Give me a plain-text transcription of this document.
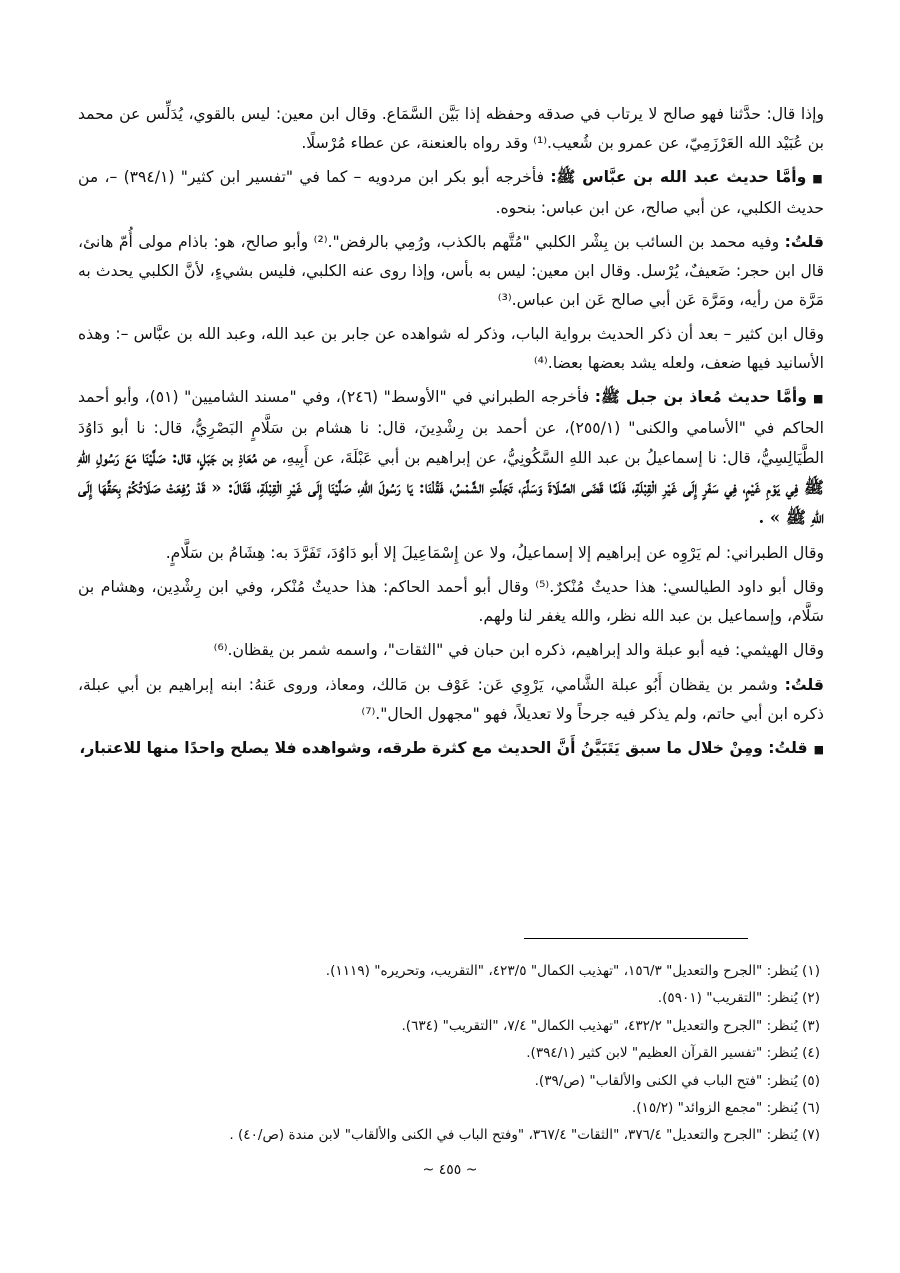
وإذا قال: حدَّثنا فهو صالح لا يرتاب في صدقه وحفظه إذا بَيَّن السَّمَاع. وقال ابن معين: ليس بالقوي، يُدَلِّس عن محمد بن عُبَيْد الله العَرْزَمِيّ، عن عمرو بن شُعيب.⁽¹⁾ وقد رواه بالعنعنة، عن عطاء مُرْسلًا.

■وأمَّا حديث عبد الله بن عبَّاس ﷺ: فأخرجه أبو بكر ابن مردويه – كما في "تفسير ابن كثير" (٣٩٤/١) –، من حديث الكلبي، عن أبي صالح، عن ابن عباس: بنحوه.

قلتُ: وفيه محمد بن السائب بن بِشْر الكلبي "مُتَّهم بالكذب، ورُمِي بالرفض".⁽²⁾ وأبو صالح، هو: باذام مولى أُمّ هانئ، قال ابن حجر: ضَعيفٌ، يُرْسل. وقال ابن معين: ليس به بأس، وإذا روى عنه الكلبي، فليس بشيءٍ، لأنَّ الكلبي يحدث به مَرَّة من رأيه، ومَرَّة عَن أبي صالح عَن ابن عباس.⁽³⁾

وقال ابن كثير – بعد أن ذكر الحديث برواية الباب، وذكر له شواهده عن جابر بن عبد الله، وعبد الله بن عبَّاس –: وهذه الأسانيد فيها ضعف، ولعله يشد بعضها بعضا.⁽⁴⁾

■وأمَّا حديث مُعاذ بن جبل ﷺ: فأخرجه الطبراني في "الأوسط" (٢٤٦)، وفي "مسند الشاميين" (٥١)، وأبو أحمد الحاكم في "الأسامي والكنى" (٢٥٥/١)، عن أحمد بن رِشْدِينَ، قال: نا هشام بن سَلَّامٍ البَصْرِيُّ، قال: نا أبو دَاوُدَ الطَّيَالِسِيُّ، قال: نا إسماعيلُ بن عبد اللهِ السَّكُونِيُّ، عن إبراهيم بن أبي عَبْلَةَ، عن أَبِيهِ، عن مُعَاذِ بن جَبَلٍ، قال: صَلَّيْنَا مَعَ رَسُولِ اللهِ ﷺ فِي يَوْمِ غَيْمٍ، فِي سَفَرٍ إِلَى غَيْرِ الْقِبْلَةِ، فَلَمَّا قَضَى الصَّلَاةَ وَسَلَّمَ، تَجَلَّتِ الشَّمْسُ، فَقُلْنَا: يَا رَسُولَ اللهِ، صَلَّيْنَا إِلَى غَيْرِ الْقِبْلَةِ، فَقَالَ: « قَدْ رُفِعَتْ صَلَاتُكُمْ بِحَقِّهَا إِلَى اللهِ ﷺ » .

وقال الطبراني: لم يَرْوِه عن إبراهيم إلا إسماعيلُ، ولا عن إِسْمَاعِيلَ إلا أبو دَاوُدَ، تَفَرَّدَ به: هِشَامُ بن سَلَّامٍ.

وقال أبو داود الطيالسي: هذا حديثٌ مُنْكرٌ.⁽⁵⁾ وقال أبو أحمد الحاكم: هذا حديثٌ مُنْكر، وفي ابن رِشْدِين، وهشام بن سَلَّام، وإسماعيل بن عبد الله نظر، والله يغفر لنا ولهم.

وقال الهيثمي: فيه أبو عبلة والد إبراهيم، ذكره ابن حبان في "الثقات"، واسمه شمر بن يقظان.⁽⁶⁾

قلتُ: وشمر بن يقظان أَبُو عبلة الشَّامي، يَرْوِي عَن: عَوْف بن مَالك، ومعاذ، وروى عَنهُ: ابنه إبراهيم بن أبي عبلة، ذكره ابن أبي حاتم، ولم يذكر فيه جرحاً ولا تعديلاً، فهو "مجهول الحال".⁽⁷⁾

■قلتُ: ومِنْ خلال ما سبق يَتَبَيَّنُ أَنَّ الحديث مع كثرة طرقه، وشواهده فلا يصلح واحدًا منها للاعتبار،

(١) يُنظر: "الجرح والتعديل" ١٥٦/٣، "تهذيب الكمال" ٤٢٣/٥، "التقريب، وتحريره" (١١١٩).

(٢) يُنظر: "التقريب" (٥٩٠١).

(٣) يُنظر: "الجرح والتعديل" ٤٣٢/٢، "تهذيب الكمال" ٧/٤، "التقريب" (٦٣٤).

(٤) يُنظر: "تفسير القرآن العظيم" لابن كثير (٣٩٤/١).

(٥) يُنظر: "فتح الباب في الكنى والألقاب" (ص/٣٩).

(٦) يُنظر: "مجمع الزوائد" (١٥/٢).

(٧) يُنظر: "الجرح والتعديل" ٣٧٦/٤، "الثقات" ٣٦٧/٤، "وفتح الباب في الكنى والألقاب" لابن مندة (ص/٤٠) .

~ ٤٥٥ ~
